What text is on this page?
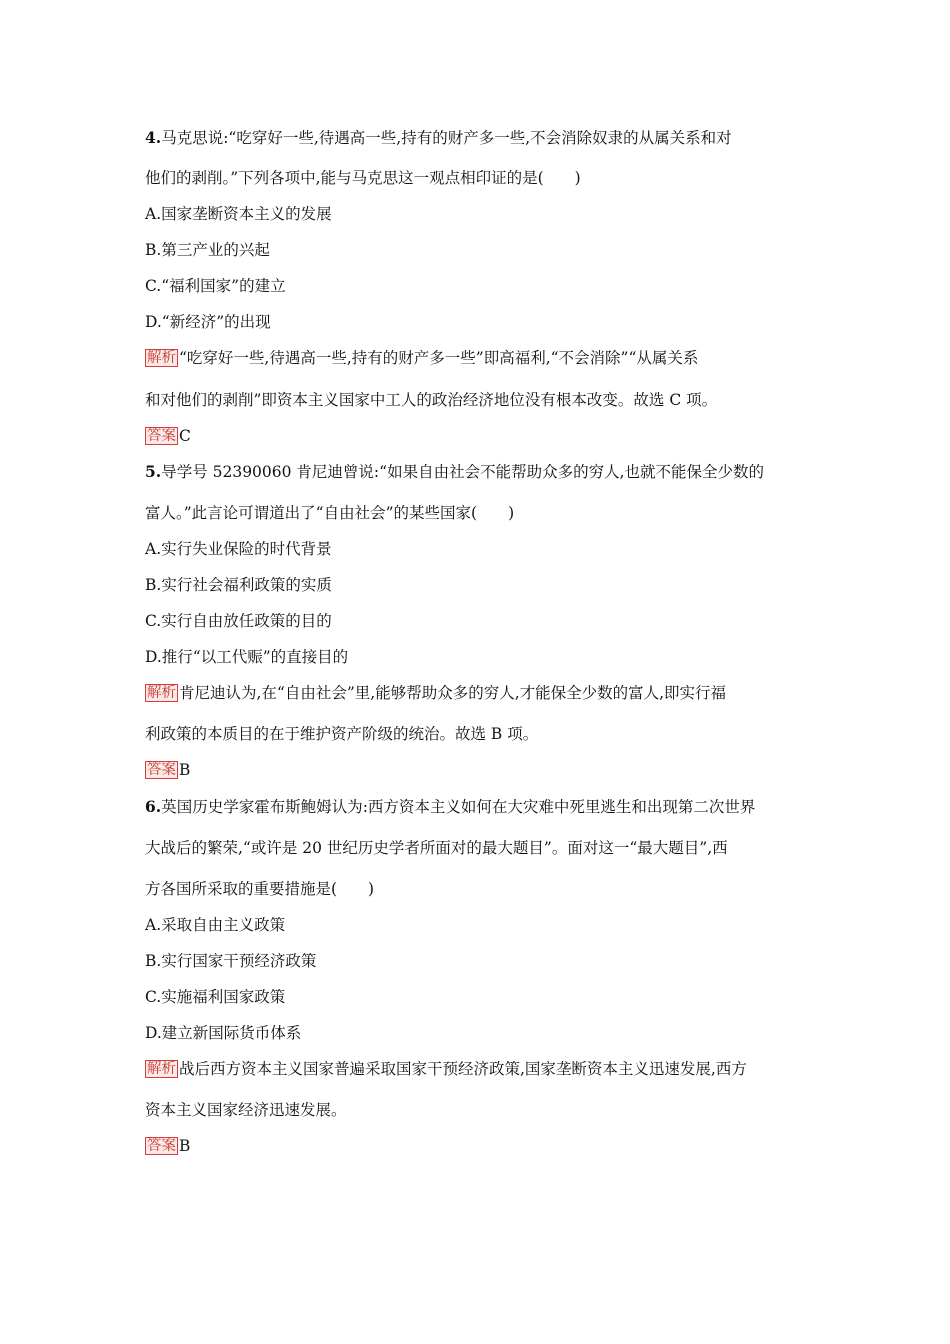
4.马克思说:“吃穿好一些,待遇高一些,持有的财产多一些,不会消除奴隶的从属关系和对
他们的剥削。”下列各项中,能与马克思这一观点相印证的是(　　)
A.国家垄断资本主义的发展
B.第三产业的兴起
C.“福利国家”的建立
D.“新经济”的出现
解析 “吃穿好一些,待遇高一些,持有的财产多一些”即高福利,“不会消除”“从属关系
和对他们的剥削”即资本主义国家中工人的政治经济地位没有根本改变。故选 C 项。
答案 C
5.导学号 52390060 肯尼迪曾说:“如果自由社会不能帮助众多的穷人,也就不能保全少数的
富人。”此言论可谓道出了“自由社会”的某些国家(　　)
A.实行失业保险的时代背景
B.实行社会福利政策的实质
C.实行自由放任政策的目的
D.推行“以工代赈”的直接目的
解析 肯尼迪认为,在“自由社会”里,能够帮助众多的穷人,才能保全少数的富人,即实行福
利政策的本质目的在于维护资产阶级的统治。故选 B 项。
答案 B
6.英国历史学家霍布斯鲍姆认为:西方资本主义如何在大灾难中死里逃生和出现第二次世界
大战后的繁荣,“或许是 20 世纪历史学者所面对的最大题目”。面对这一“最大题目”,西
方各国所采取的重要措施是(　　)
A.采取自由主义政策
B.实行国家干预经济政策
C.实施福利国家政策
D.建立新国际货币体系
解析 战后西方资本主义国家普遍采取国家干预经济政策,国家垄断资本主义迅速发展,西方
资本主义国家经济迅速发展。
答案 B
